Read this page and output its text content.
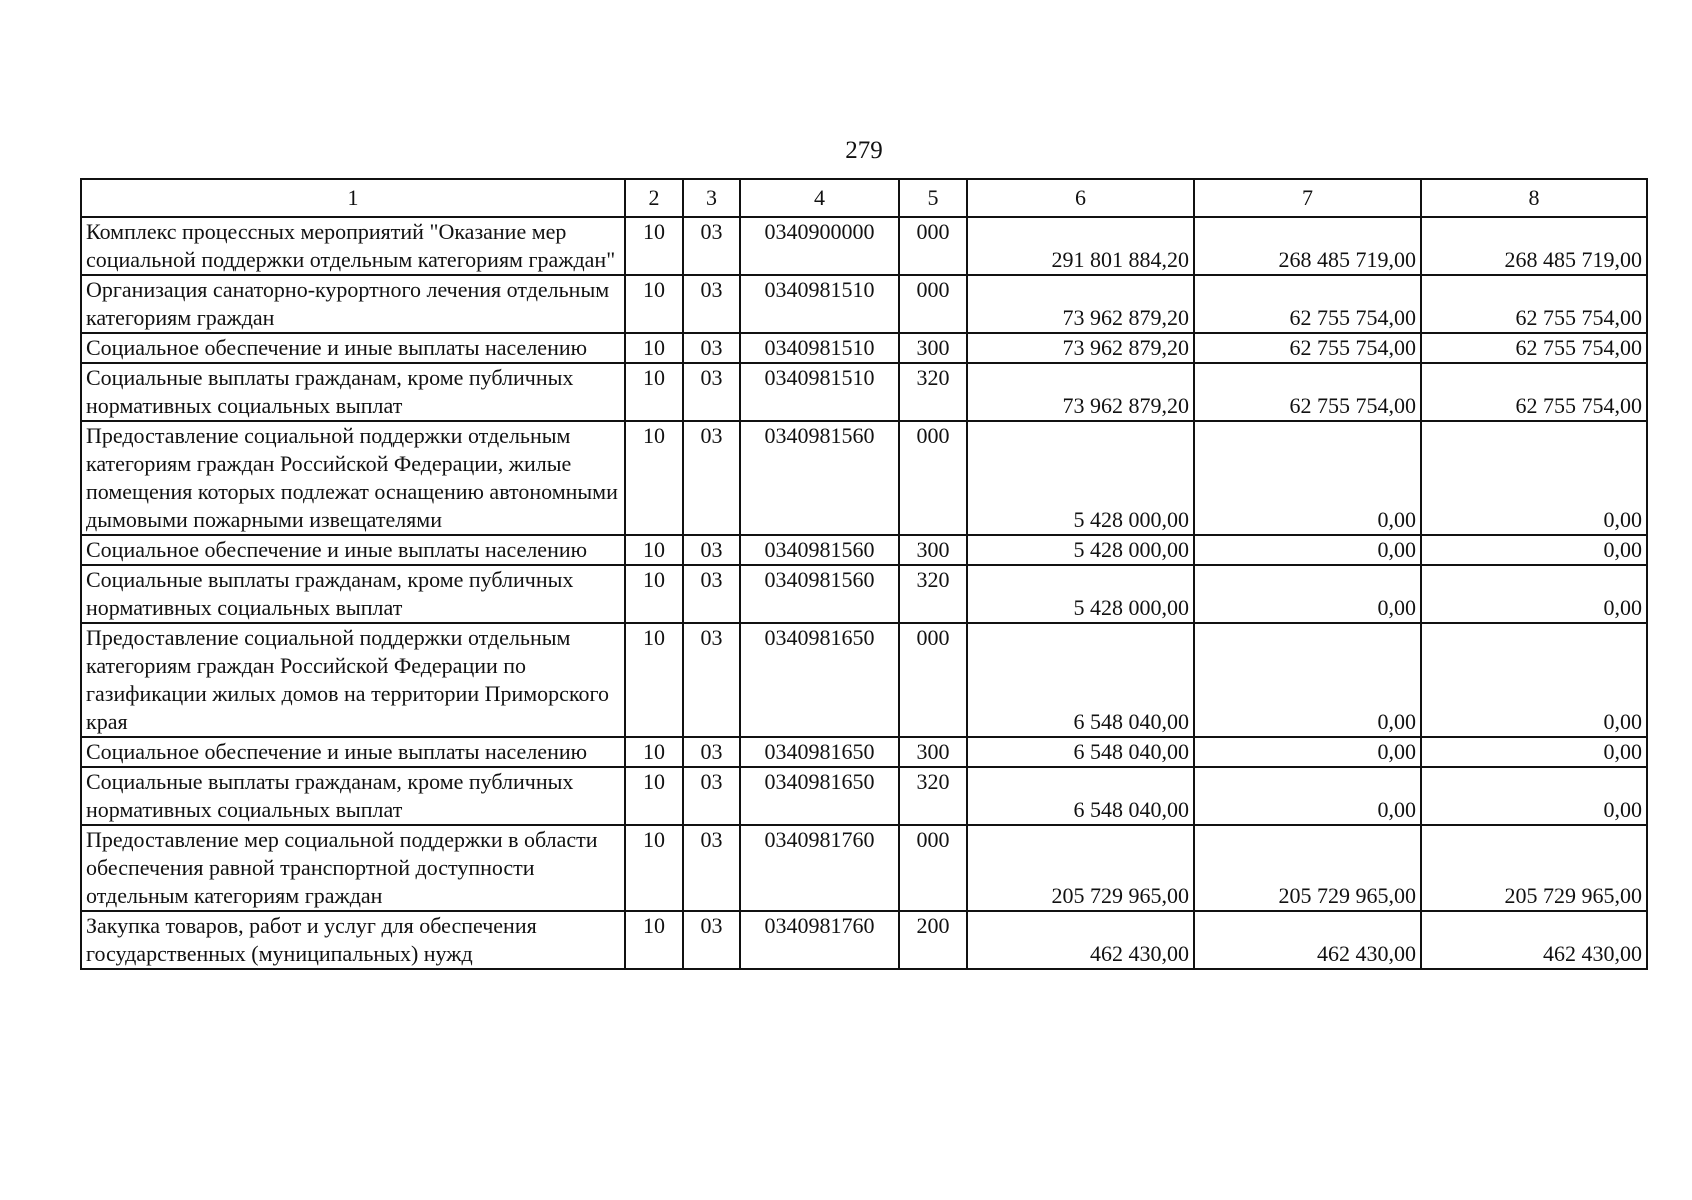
279
1	2	3	4	5	6	7	8
Комплекс процессных мероприятий "Оказание мер социальной поддержки отдельным категориям граждан"	10	03	0340900000	000	291 801 884,20	268 485 719,00	268 485 719,00
Организация санаторно-курортного лечения отдельным категориям граждан	10	03	0340981510	000	73 962 879,20	62 755 754,00	62 755 754,00
Социальное обеспечение и иные выплаты населению	10	03	0340981510	300	73 962 879,20	62 755 754,00	62 755 754,00
Социальные выплаты гражданам, кроме публичных нормативных социальных выплат	10	03	0340981510	320	73 962 879,20	62 755 754,00	62 755 754,00
Предоставление социальной поддержки отдельным категориям граждан Российской Федерации, жилые помещения которых подлежат оснащению автономными дымовыми пожарными извещателями	10	03	0340981560	000	5 428 000,00	0,00	0,00
Социальное обеспечение и иные выплаты населению	10	03	0340981560	300	5 428 000,00	0,00	0,00
Социальные выплаты гражданам, кроме публичных нормативных социальных выплат	10	03	0340981560	320	5 428 000,00	0,00	0,00
Предоставление социальной поддержки отдельным категориям граждан Российской Федерации по газификации жилых домов на территории Приморского края	10	03	0340981650	000	6 548 040,00	0,00	0,00
Социальное обеспечение и иные выплаты населению	10	03	0340981650	300	6 548 040,00	0,00	0,00
Социальные выплаты гражданам, кроме публичных нормативных социальных выплат	10	03	0340981650	320	6 548 040,00	0,00	0,00
Предоставление мер социальной поддержки в области обеспечения равной транспортной доступности отдельным категориям граждан	10	03	0340981760	000	205 729 965,00	205 729 965,00	205 729 965,00
Закупка товаров, работ и услуг для обеспечения государственных (муниципальных) нужд	10	03	0340981760	200	462 430,00	462 430,00	462 430,00
